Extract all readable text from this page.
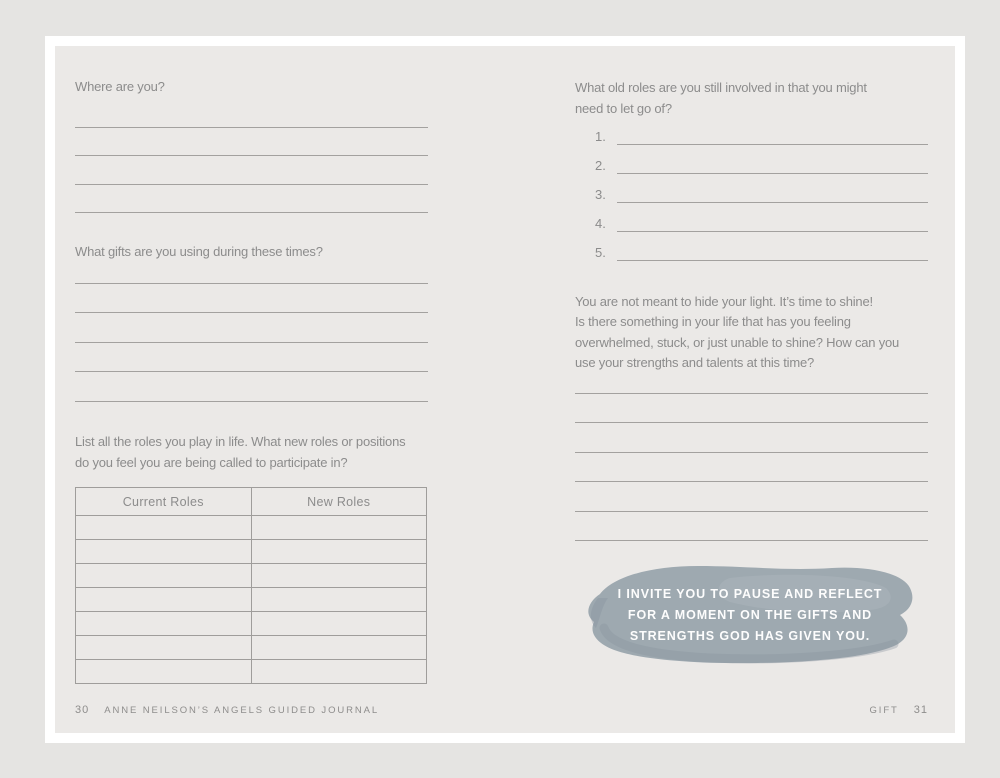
Where are you?
What gifts are you using during these times?
List all the roles you play in life. What new roles or positions
do you feel you are being called to participate in?
Current Roles	New Roles

30 ANNE NEILSON’S ANGELS GUIDED JOURNAL
What old roles are you still involved in that you might
need to let go of?
1.
2.
3.
4.
5.
You are not meant to hide your light. It’s time to shine!
Is there something in your life that has you feeling
overwhelmed, stuck, or just unable to shine? How can you
use your strengths and talents at this time?
I INVITE YOU TO PAUSE AND REFLECT
FOR A MOMENT ON THE GIFTS AND
STRENGTHS GOD HAS GIVEN YOU.
GIFT 31
